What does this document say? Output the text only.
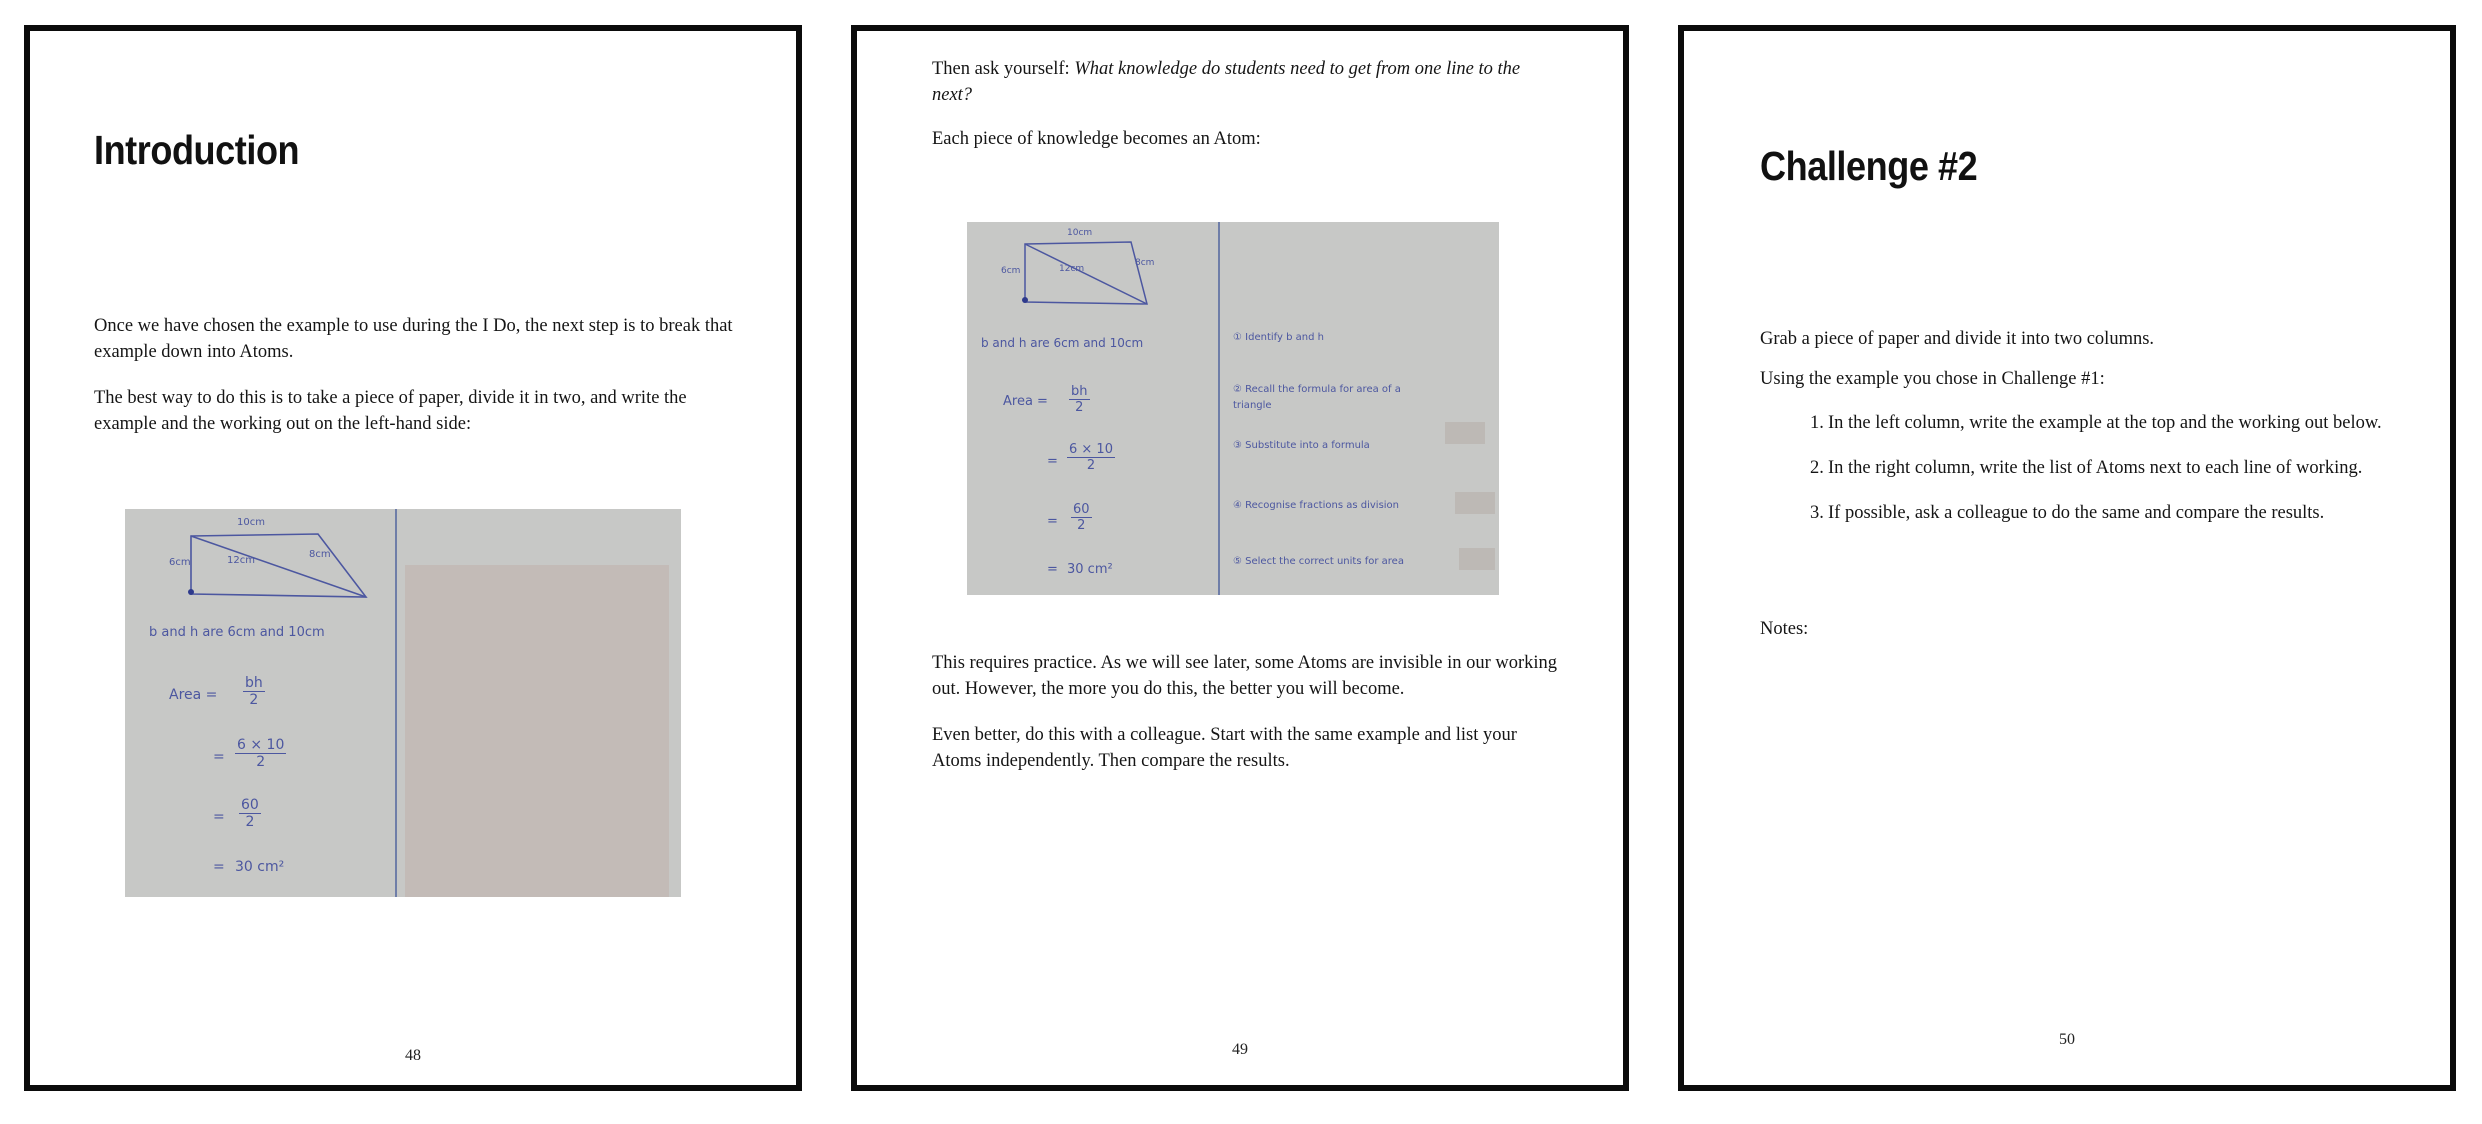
Introduction

Once we have chosen the example to use during the I Do, the next step is to break that example down into Atoms.

The best way to do this is to take a piece of paper, divide it in two, and write the example and the working out on the left-hand side:

10cm
6cm
8cm
12cm
b and h are 6cm and 10cm
Area = $\frac{bh}{2}$
= $\frac{6 \times 10}{2}$
= $\frac{60}{2}$
= 30 cm²
48

Then ask yourself: What knowledge do students need to get from one line to the next?

Each piece of knowledge becomes an Atom:

10cm
6cm
8cm
12cm
b and h are 6cm and 10cm
Area = $\frac{bh}{2}$
= $\frac{6 \times 10}{2}$
= $\frac{60}{2}$
= 30 cm²
① Identify b and h
② Recall the formula for area of a triangle
③ Substitute into a formula
④ Recognise fractions as division
⑤ Select the correct units for area

This requires practice. As we will see later, some Atoms are invisible in our working out. However, the more you do this, the better you will become.

Even better, do this with a colleague. Start with the same example and list your Atoms independently. Then compare the results.

49
Challenge #2

Grab a piece of paper and divide it into two columns.

Using the example you chose in Challenge #1:

In the left column, write the example at the top and the working out below.
In the right column, write the list of Atoms next to each line of working.
If possible, ask a colleague to do the same and compare the results.

Notes:

50
